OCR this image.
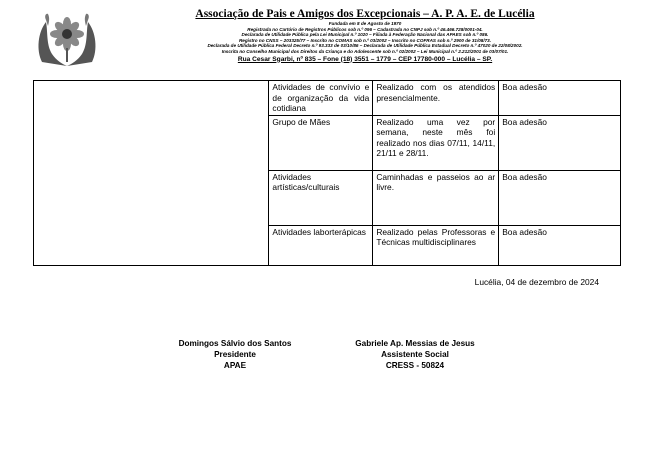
Associação de Pais e Amigos dos Excepcionais – A. P. A. E. de Lucélia
Fundada em 8 de Agosto de 1970
Registrada no Cartório de Registros Públicos sob n.º 096 – Cadastrada no CNPJ sob n.º 46.466.728/0001-04.
Declarada de Utilidade Pública pela Lei Municipal n.º 1020 – Filiada à Federação Nacional das APAES sob n.º 086.
Registro no CNSS – 203325/77 – Inscrito no COMAS sob n.º 03/2002 – Inscrito no COFRAS sob n.º 2900 de 31/08/73.
Declarada de Utilidade Pública Federal Decreto n.º 93.333 de 03/10/86 – Declarada de Utilidade Pública Estadual Decreto n.º 47020 de 22/08/2002.
Inscrita no Conselho Municipal dos Direitos da Criança e do Adolescente sob n.º 02/2002 – Lei Municipal n.º 2.212/2001 de 03/07/01.
Rua Cesar Sgarbi, nº 835 – Fone (18) 3551 – 1779 – CEP 17780-000 – Lucélia – SP.
	Atividades de convívio e de organização da vida cotidiana	Realizado com os atendidos presencialmente.	Boa adesão
	Grupo de Mães	Realizado uma vez por semana, neste mês foi realizado nos dias 07/11, 14/11, 21/11 e 28/11.	Boa adesão
	Atividades artísticas/culturais	Caminhadas e passeios ao ar livre.	Boa adesão
	Atividades laborterápicas	Realizado pelas Professoras e Técnicas multidisciplinares	Boa adesão
Lucélia, 04 de dezembro de 2024
Domingos Sálvio dos Santos
Presidente
APAE
Gabriele Ap. Messias de Jesus
Assistente Social
CRESS - 50824
